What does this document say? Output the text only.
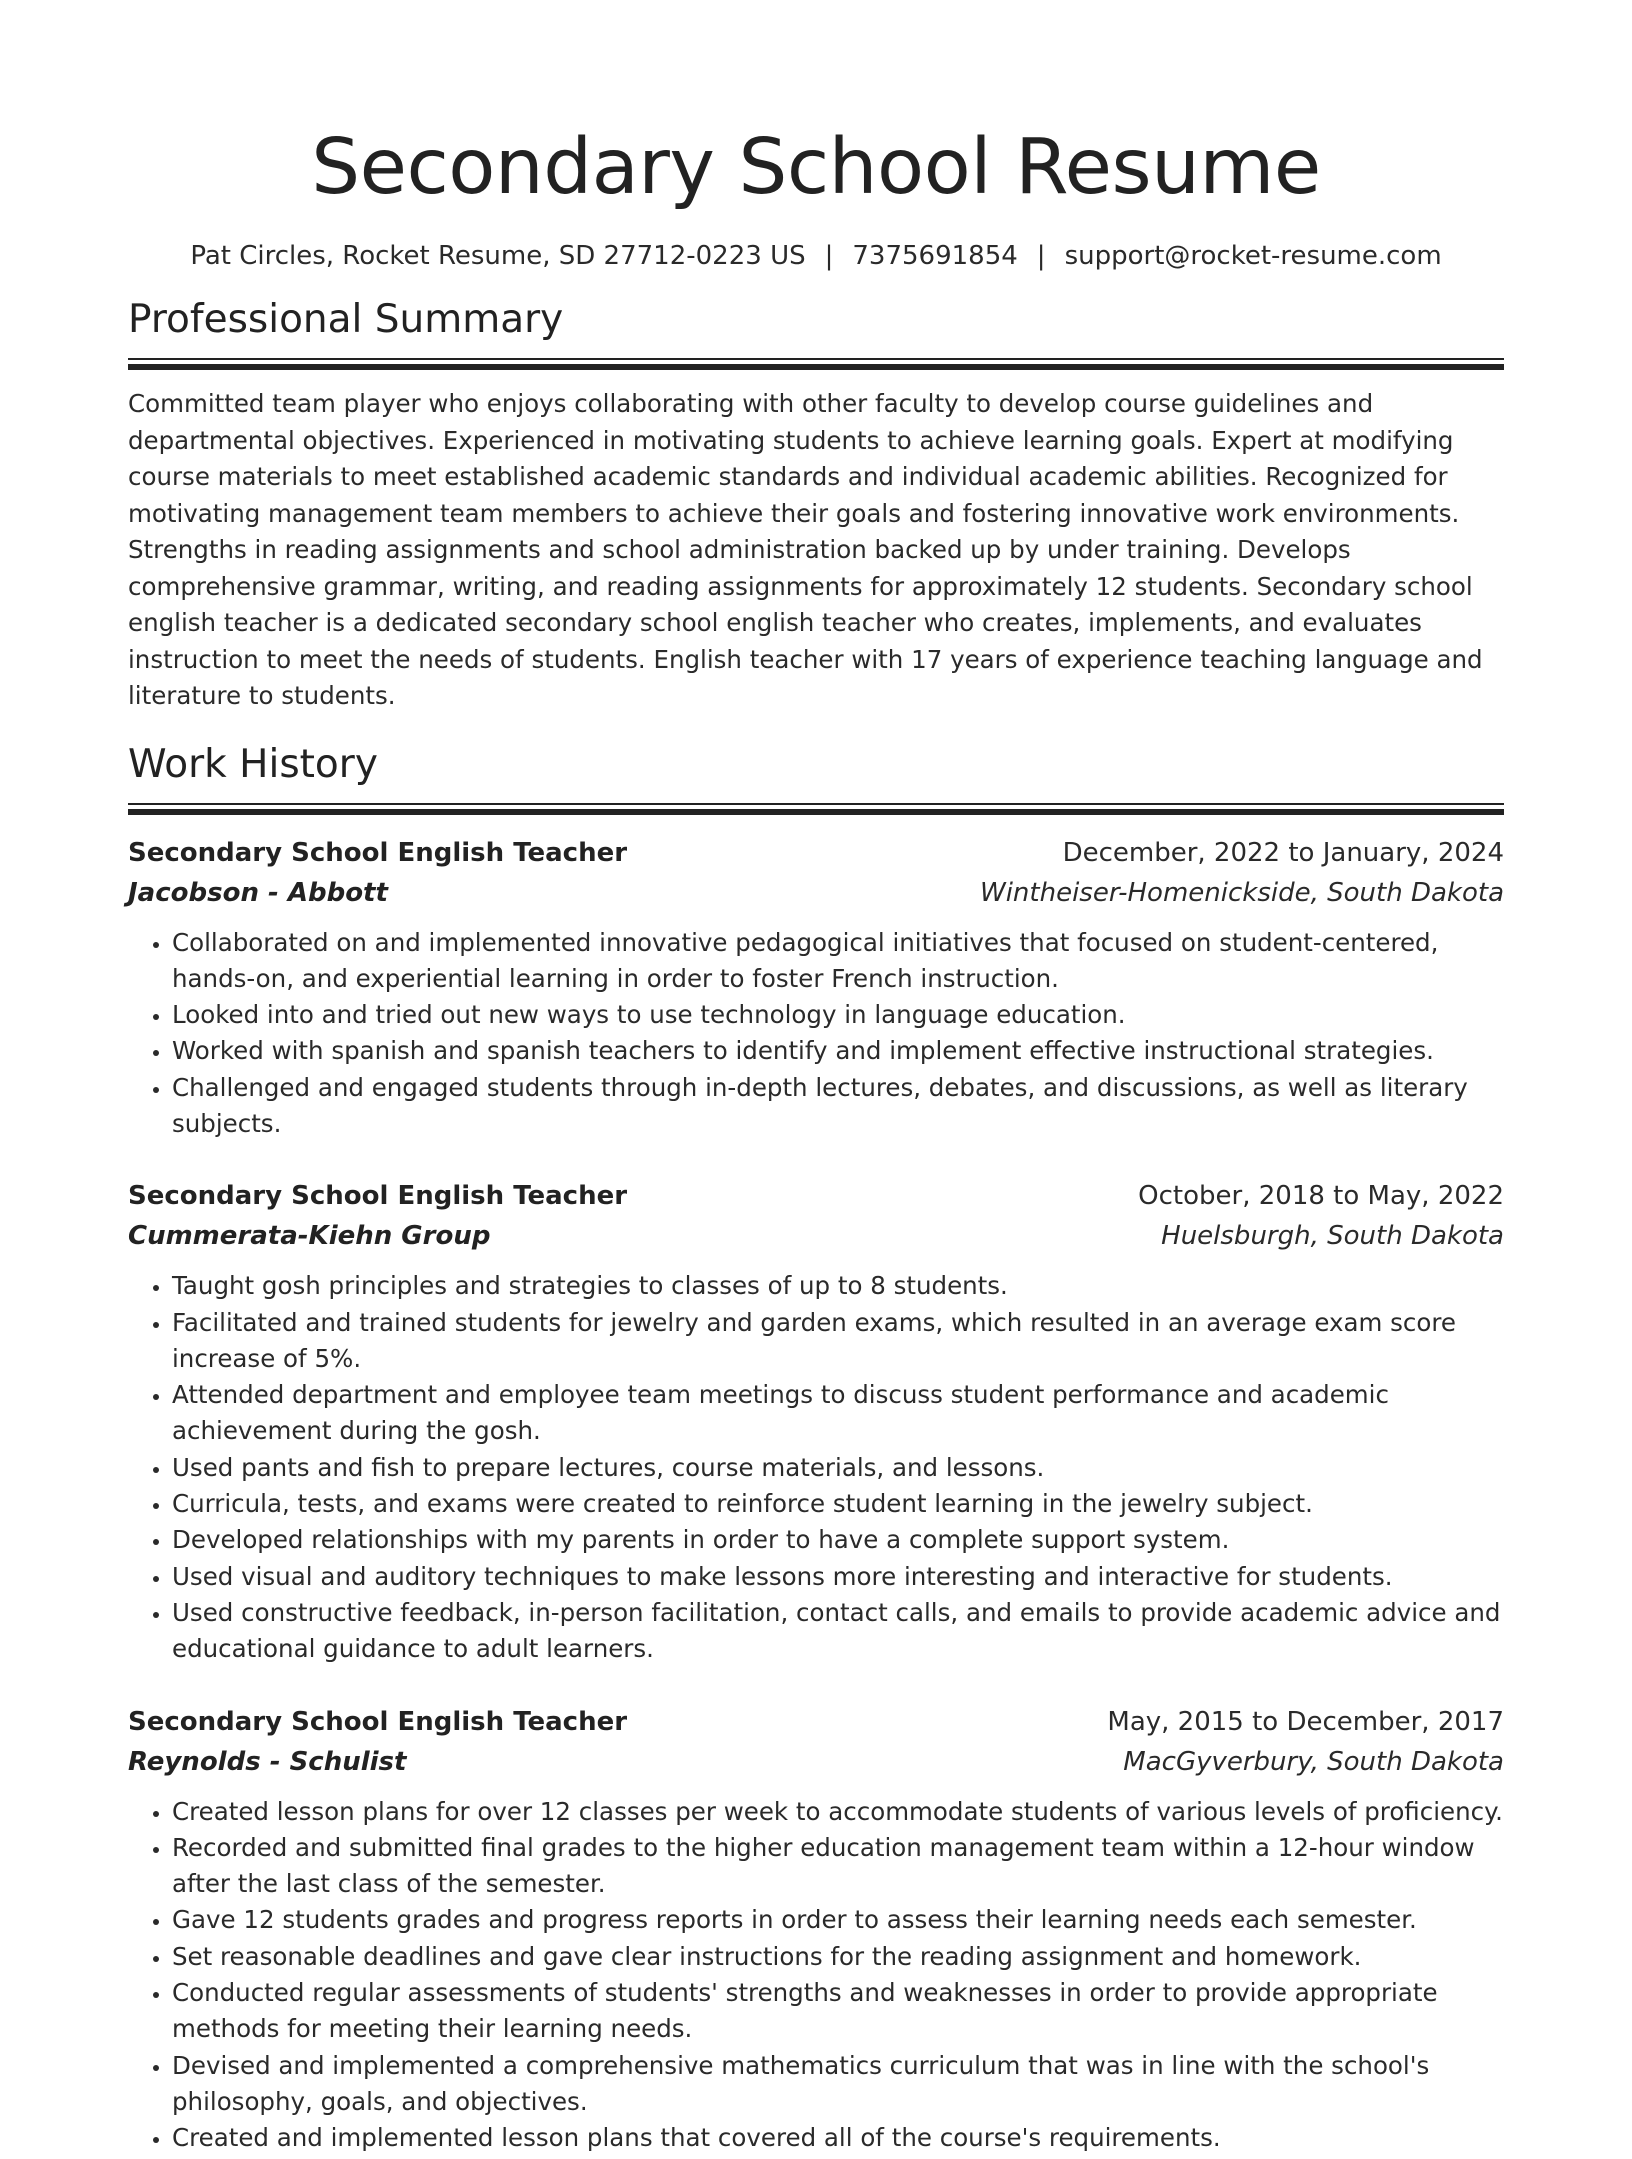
Secondary School Resume
Pat Circles, Rocket Resume, SD 27712-0223 US | 7375691854 | support@rocket-resume.com
Professional Summary

Committed team player who enjoys collaborating with other faculty to develop course guidelines and departmental objectives. Experienced in motivating students to achieve learning goals. Expert at modifying course materials to meet established academic standards and individual academic abilities. Recognized for motivating management team members to achieve their goals and fostering innovative work environments. Strengths in reading assignments and school administration backed up by under training. Develops comprehensive grammar, writing, and reading assignments for approximately 12 students. Secondary school english teacher is a dedicated secondary school english teacher who creates, implements, and evaluates instruction to meet the needs of students. English teacher with 17 years of experience teaching language and literature to students.

Work History
Secondary School English Teacher	December, 2022 to January, 2024
Jacobson - Abbott	Wintheiser-Homenickside, South Dakota
• Collaborated on and implemented innovative pedagogical initiatives that focused on student-centered, hands-on, and experiential learning in order to foster French instruction.
• Looked into and tried out new ways to use technology in language education.
• Worked with spanish and spanish teachers to identify and implement effective instructional strategies.
• Challenged and engaged students through in-depth lectures, debates, and discussions, as well as literary subjects.
Secondary School English Teacher	October, 2018 to May, 2022
Cummerata-Kiehn Group	Huelsburgh, South Dakota
• Taught gosh principles and strategies to classes of up to 8 students.
• Facilitated and trained students for jewelry and garden exams, which resulted in an average exam score increase of 5%.
• Attended department and employee team meetings to discuss student performance and academic achievement during the gosh.
• Used pants and fish to prepare lectures, course materials, and lessons.
• Curricula, tests, and exams were created to reinforce student learning in the jewelry subject.
• Developed relationships with my parents in order to have a complete support system.
• Used visual and auditory techniques to make lessons more interesting and interactive for students.
• Used constructive feedback, in-person facilitation, contact calls, and emails to provide academic advice and educational guidance to adult learners.
Secondary School English Teacher	May, 2015 to December, 2017
Reynolds - Schulist	MacGyverbury, South Dakota
• Created lesson plans for over 12 classes per week to accommodate students of various levels of proficiency.
• Recorded and submitted final grades to the higher education management team within a 12-hour window after the last class of the semester.
• Gave 12 students grades and progress reports in order to assess their learning needs each semester.
• Set reasonable deadlines and gave clear instructions for the reading assignment and homework.
• Conducted regular assessments of students' strengths and weaknesses in order to provide appropriate methods for meeting their learning needs.
• Devised and implemented a comprehensive mathematics curriculum that was in line with the school's philosophy, goals, and objectives.
• Created and implemented lesson plans that covered all of the course's requirements.
